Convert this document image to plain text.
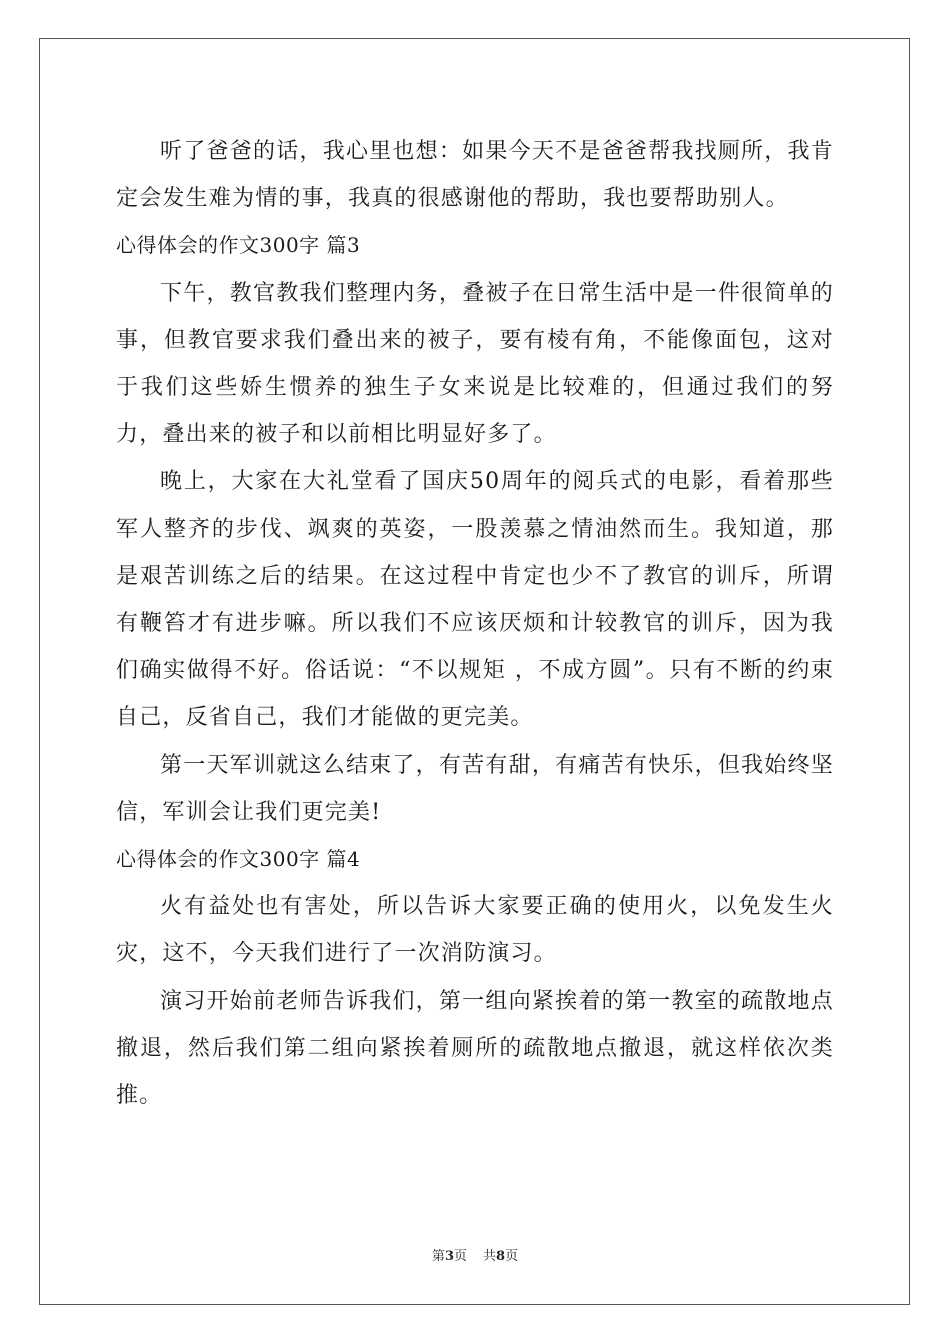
听了爸爸的话，我心里也想：如果今天不是爸爸帮我找厕所，我肯定会发生难为情的事，我真的很感谢他的帮助，我也要帮助别人。

心得体会的作文300字 篇3

下午，教官教我们整理内务，叠被子在日常生活中是一件很简单的事，但教官要求我们叠出来的被子，要有棱有角，不能像面包，这对于我们这些娇生惯养的独生子女来说是比较难的，但通过我们的努力，叠出来的被子和以前相比明显好多了。

晚上，大家在大礼堂看了国庆50周年的阅兵式的电影，看着那些军人整齐的步伐、飒爽的英姿，一股羡慕之情油然而生。我知道，那是艰苦训练之后的结果。在这过程中肯定也少不了教官的训斥，所谓有鞭笞才有进步嘛。所以我们不应该厌烦和计较教官的训斥，因为我们确实做得不好。俗话说：“不以规矩 ，不成方圆”。只有不断的约束自己，反省自己，我们才能做的更完美。

第一天军训就这么结束了，有苦有甜，有痛苦有快乐，但我始终坚信，军训会让我们更完美!

心得体会的作文300字 篇4

火有益处也有害处，所以告诉大家要正确的使用火，以免发生火灾，这不，今天我们进行了一次消防演习。

演习开始前老师告诉我们，第一组向紧挨着的第一教室的疏散地点撤退，然后我们第二组向紧挨着厕所的疏散地点撤退，就这样依次类推。

第3页 共8页
